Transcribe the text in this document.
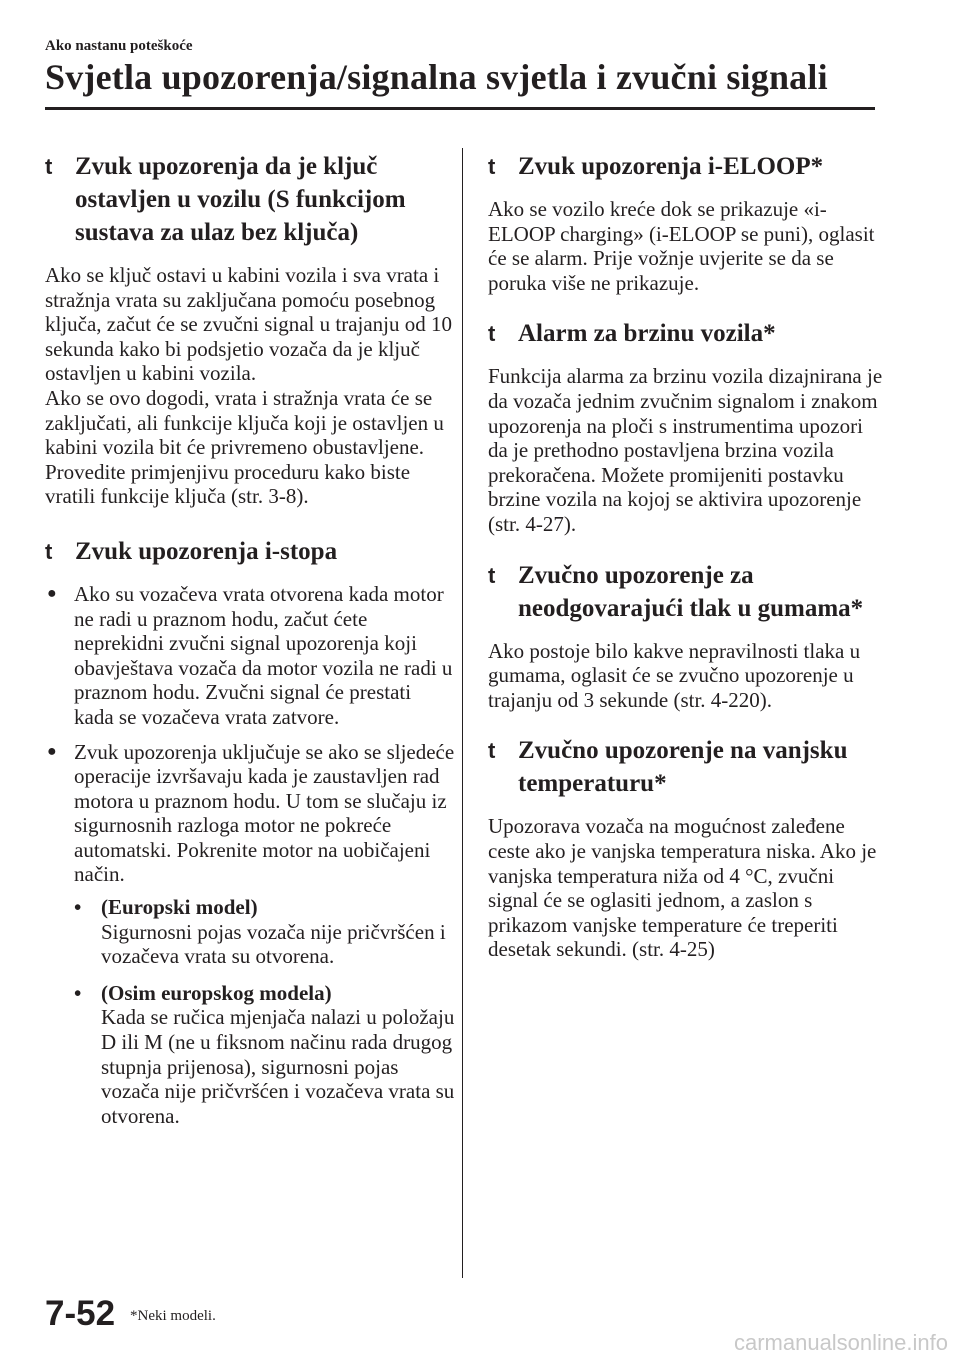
Ako nastanu poteškoće
Svjetla upozorenja/signalna svjetla i zvučni signali
t Zvuk upozorenja da je ključ ostavljen u vozilu (S funkcijom sustava za ulaz bez ključa)

Ako se ključ ostavi u kabini vozila i sva vrata i stražnja vrata su zaključana pomoću posebnog ključa, začut će se zvučni signal u trajanju od 10 sekunda kako bi podsjetio vozača da je ključ ostavljen u kabini vozila.

Ako se ovo dogodi, vrata i stražnja vrata će se zaključati, ali funkcije ključa koji je ostavljen u kabini vozila bit će privremeno obustavljene.

Provedite primjenjivu proceduru kako biste vratili funkcije ključa (str. 3-8).

t Zvuk upozorenja i-stopa
● Ako su vozačeva vrata otvorena kada motor ne radi u praznom hodu, začut ćete neprekidni zvučni signal upozorenja koji obavještava vozača da motor vozila ne radi u praznom hodu. Zvučni signal će prestati kada se vozačeva vrata zatvore.
● Zvuk upozorenja uključuje se ako se sljedeće operacije izvršavaju kada je zaustavljen rad motora u praznom hodu. U tom se slučaju iz sigurnosnih razloga motor ne pokreće automatski. Pokrenite motor na uobičajeni način.
• (Europski model)
Sigurnosni pojas vozača nije pričvršćen i vozačeva vrata su otvorena.
• (Osim europskog modela)
Kada se ručica mjenjača nalazi u položaju D ili M (ne u fiksnom načinu rada drugog stupnja prijenosa), sigurnosni pojas vozača nije pričvršćen i vozačeva vrata su otvorena.
t Zvuk upozorenja i-ELOOP*

Ako se vozilo kreće dok se prikazuje «i-ELOOP charging» (i-ELOOP se puni), oglasit će se alarm. Prije vožnje uvjerite se da se poruka više ne prikazuje.

t Alarm za brzinu vozila*

Funkcija alarma za brzinu vozila dizajnirana je da vozača jednim zvučnim signalom i znakom upozorenja na ploči s instrumentima upozori da je prethodno postavljena brzina vozila prekoračena. Možete promijeniti postavku brzine vozila na kojoj se aktivira upozorenje (str. 4-27).

t Zvučno upozorenje za neodgovarajući tlak u gumama*

Ako postoje bilo kakve nepravilnosti tlaka u gumama, oglasit će se zvučno upozorenje u trajanju od 3 sekunde (str. 4-220).

t Zvučno upozorenje na vanjsku temperaturu*

Upozorava vozača na mogućnost zaleđene ceste ako je vanjska temperatura niska. Ako je vanjska temperatura niža od 4 °C, zvučni signal će se oglasiti jednom, a zaslon s prikazom vanjske temperature će treperiti desetak sekundi. (str. 4-25)

7-52 *Neki modeli.
carmanualsonline.info
